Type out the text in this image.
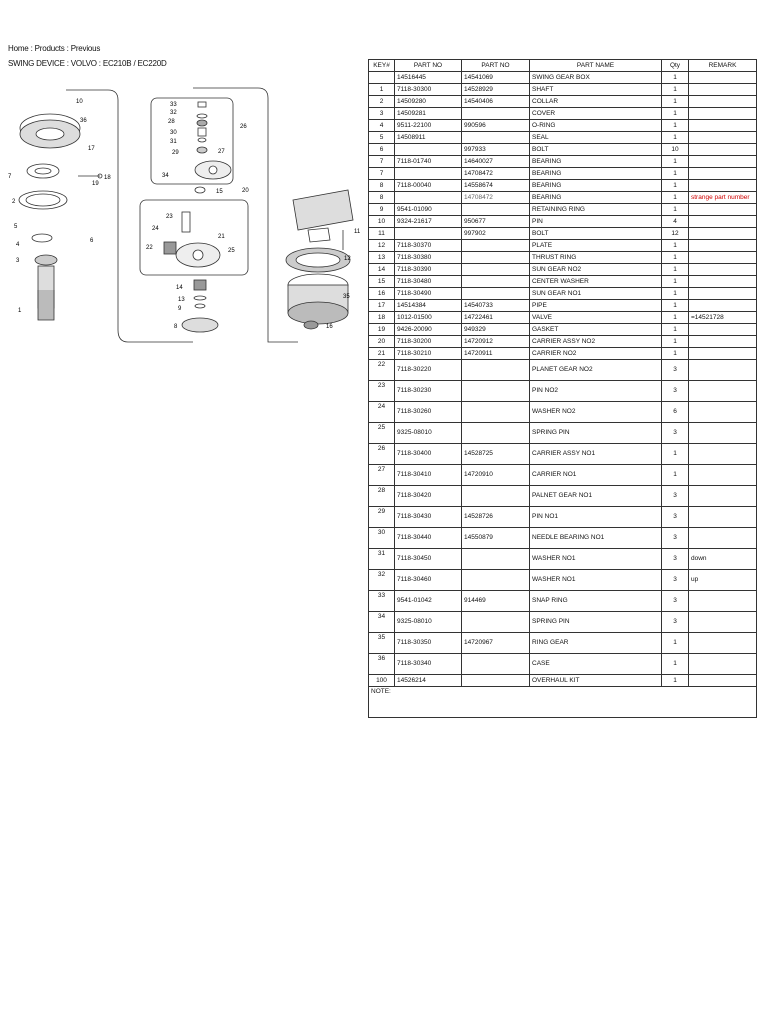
Home : Products : Previous
SWING DEVICE : VOLVO : EC210B / EC220D
10
36
17
7	18
19
2
5
6
4
3
1
33
32
28
30
31
29	27
26
34
15	20
23
24
21
22	25
14
13
9
8
11
12
35
16
KEY#	PART NO	PART NO	PART NAME	Qty	REMARK
	14516445	14541069	SWING GEAR BOX	1	
1	7118-30300	14528929	SHAFT	1	
2	14509280	14540406	COLLAR	1	
3	14509281		COVER	1	
4	9511-22100	990596	O-RING	1	
5	14508911		SEAL	1	
6		997933	BOLT	10	
7	7118-01740	14640027	BEARING	1	
7		14708472	BEARING	1	
8	7118-00040	14558674	BEARING	1	
8		14708472	BEARING	1	strange part number
9	9541-01090		RETAINING RING	1	
10	9324-21617	950677	PIN	4	
11		997902	BOLT	12	
12	7118-30370		PLATE	1	
13	7118-30380		THRUST RING	1	
14	7118-30390		SUN GEAR NO2	1	
15	7118-30480		CENTER WASHER	1	
16	7118-30490		SUN GEAR NO1	1	
17	14514384	14540733	PIPE	1	
18	1012-01500	14722461	VALVE	1	=14521728
19	9426-20090	949329	GASKET	1	
20	7118-30200	14720912	CARRIER ASSY NO2	1	
21	7118-30210	14720911	CARRIER NO2	1	
22	7118-30220		PLANET GEAR NO2	3	
23	7118-30230		PIN NO2	3	
24	7118-30260		WASHER NO2	6	
25	9325-08010		SPRING PIN	3	
26	7118-30400	14528725	CARRIER ASSY NO1	1	
27	7118-30410	14720910	CARRIER NO1	1	
28	7118-30420		PALNET GEAR NO1	3	
29	7118-30430	14528726	PIN NO1	3	
30	7118-30440	14550879	NEEDLE BEARING NO1	3	
31	7118-30450		WASHER NO1	3	down
32	7118-30460		WASHER NO1	3	up
33	9541-01042	914469	SNAP RING	3	
34	9325-08010		SPRING PIN	3	
35	7118-30350	14720967	RING GEAR	1	
36	7118-30340		CASE	1	
100	14526214		OVERHAUL KIT	1	
NOTE:					
